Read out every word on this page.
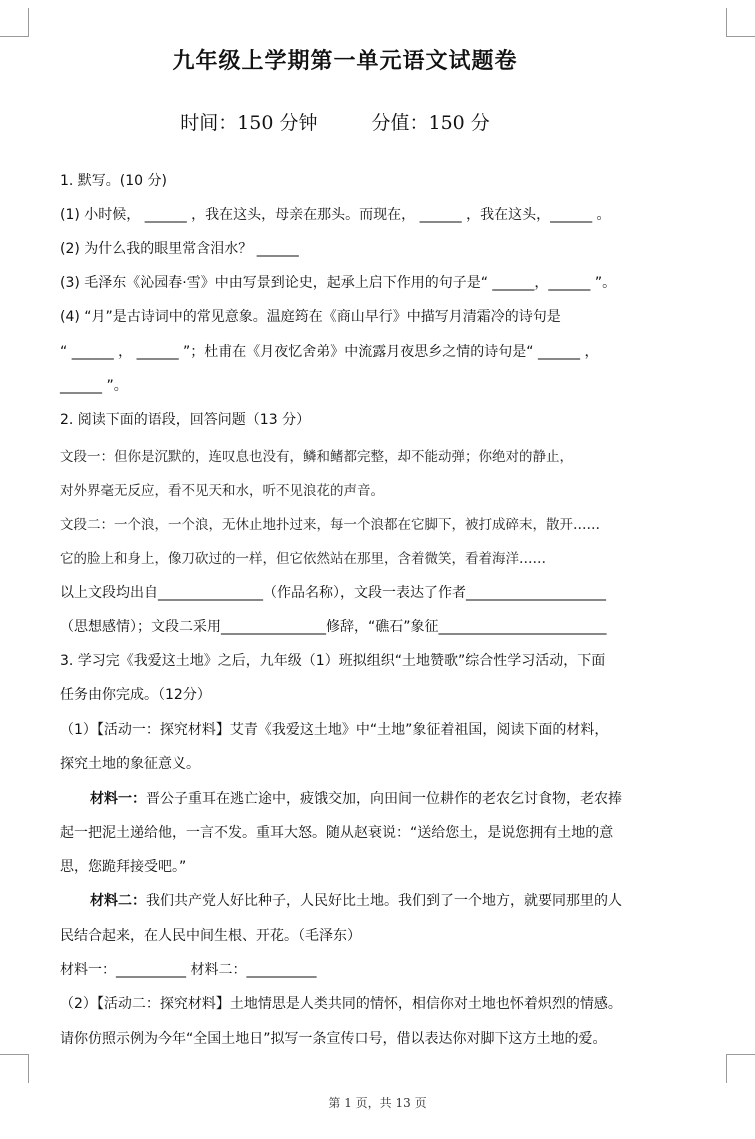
九年级上学期第一单元语文试题卷
时间：150 分钟	分值：150 分
1. 默写。(10 分)
(1) 小时候， ______ ，我在这头，母亲在那头。而现在， ______ ，我在这头，______ 。
(2) 为什么我的眼里常含泪水？ ______
(3) 毛泽东《沁园春·雪》中由写景到论史，起承上启下作用的句子是“ ______，______ ”。
(4) “月”是古诗词中的常见意象。温庭筠在《商山早行》中描写月清霜冷的诗句是
“ ______ ， ______ ”；杜甫在《月夜忆舍弟》中流露月夜思乡之情的诗句是“ ______ ，
______ ”。
2. 阅读下面的语段，回答问题（13 分）
文段一：但你是沉默的，连叹息也没有，鳞和鳍都完整，却不能动弹；你绝对的静止，
对外界毫无反应，看不见天和水，听不见浪花的声音。
文段二：一个浪，一个浪，无休止地扑过来，每一个浪都在它脚下，被打成碎末，散开……
它的脸上和身上，像刀砍过的一样，但它依然站在那里，含着微笑，看着海洋……
以上文段均出自_______________（作品名称），文段一表达了作者____________________
（思想感情）；文段二采用_______________修辞，“礁石”象征________________________
3. 学习完《我爱这土地》之后，九年级（1）班拟组织“土地赞歌”综合性学习活动，下面
任务由你完成。（12分）
（1）【活动一：探究材料】艾青《我爱这土地》中“土地”象征着祖国，阅读下面的材料，
探究土地的象征意义。
材料一：晋公子重耳在逃亡途中，疲饿交加，向田间一位耕作的老农乞讨食物，老农捧
起一把泥土递给他，一言不发。重耳大怒。随从赵衰说：“送给您土，是说您拥有土地的意
思，您跪拜接受吧。”
材料二：我们共产党人好比种子，人民好比土地。我们到了一个地方，就要同那里的人
民结合起来，在人民中间生根、开花。（毛泽东）
材料一：__________ 材料二：__________
（2）【活动二：探究材料】土地情思是人类共同的情怀，相信你对土地也怀着炽烈的情感。
请你仿照示例为今年“全国土地日”拟写一条宣传口号，借以表达你对脚下这方土地的爱。
第 1 页，共 13 页
